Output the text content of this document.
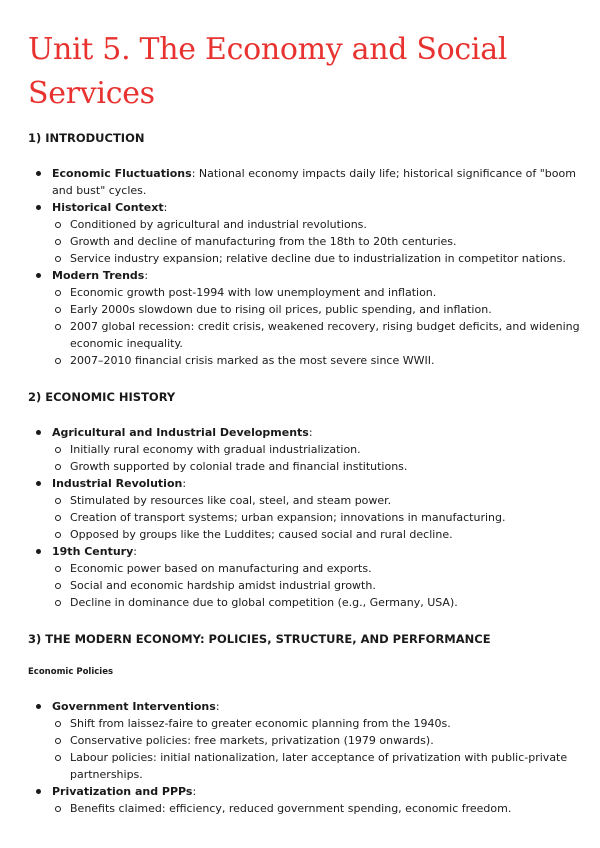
Unit 5. The Economy and Social Services
1) INTRODUCTION
Economic Fluctuations: National economy impacts daily life; historical significance of "boom and bust" cycles.
Historical Context:
Conditioned by agricultural and industrial revolutions.
Growth and decline of manufacturing from the 18th to 20th centuries.
Service industry expansion; relative decline due to industrialization in competitor nations.
Modern Trends:
Economic growth post-1994 with low unemployment and inflation.
Early 2000s slowdown due to rising oil prices, public spending, and inflation.
2007 global recession: credit crisis, weakened recovery, rising budget deficits, and widening economic inequality.
2007–2010 financial crisis marked as the most severe since WWII.
2) ECONOMIC HISTORY
Agricultural and Industrial Developments:
Initially rural economy with gradual industrialization.
Growth supported by colonial trade and financial institutions.
Industrial Revolution:
Stimulated by resources like coal, steel, and steam power.
Creation of transport systems; urban expansion; innovations in manufacturing.
Opposed by groups like the Luddites; caused social and rural decline.
19th Century:
Economic power based on manufacturing and exports.
Social and economic hardship amidst industrial growth.
Decline in dominance due to global competition (e.g., Germany, USA).
3) THE MODERN ECONOMY: POLICIES, STRUCTURE, AND PERFORMANCE
Economic Policies
Government Interventions:
Shift from laissez-faire to greater economic planning from the 1940s.
Conservative policies: free markets, privatization (1979 onwards).
Labour policies: initial nationalization, later acceptance of privatization with public-private partnerships.
Privatization and PPPs:
Benefits claimed: efficiency, reduced government spending, economic freedom.
